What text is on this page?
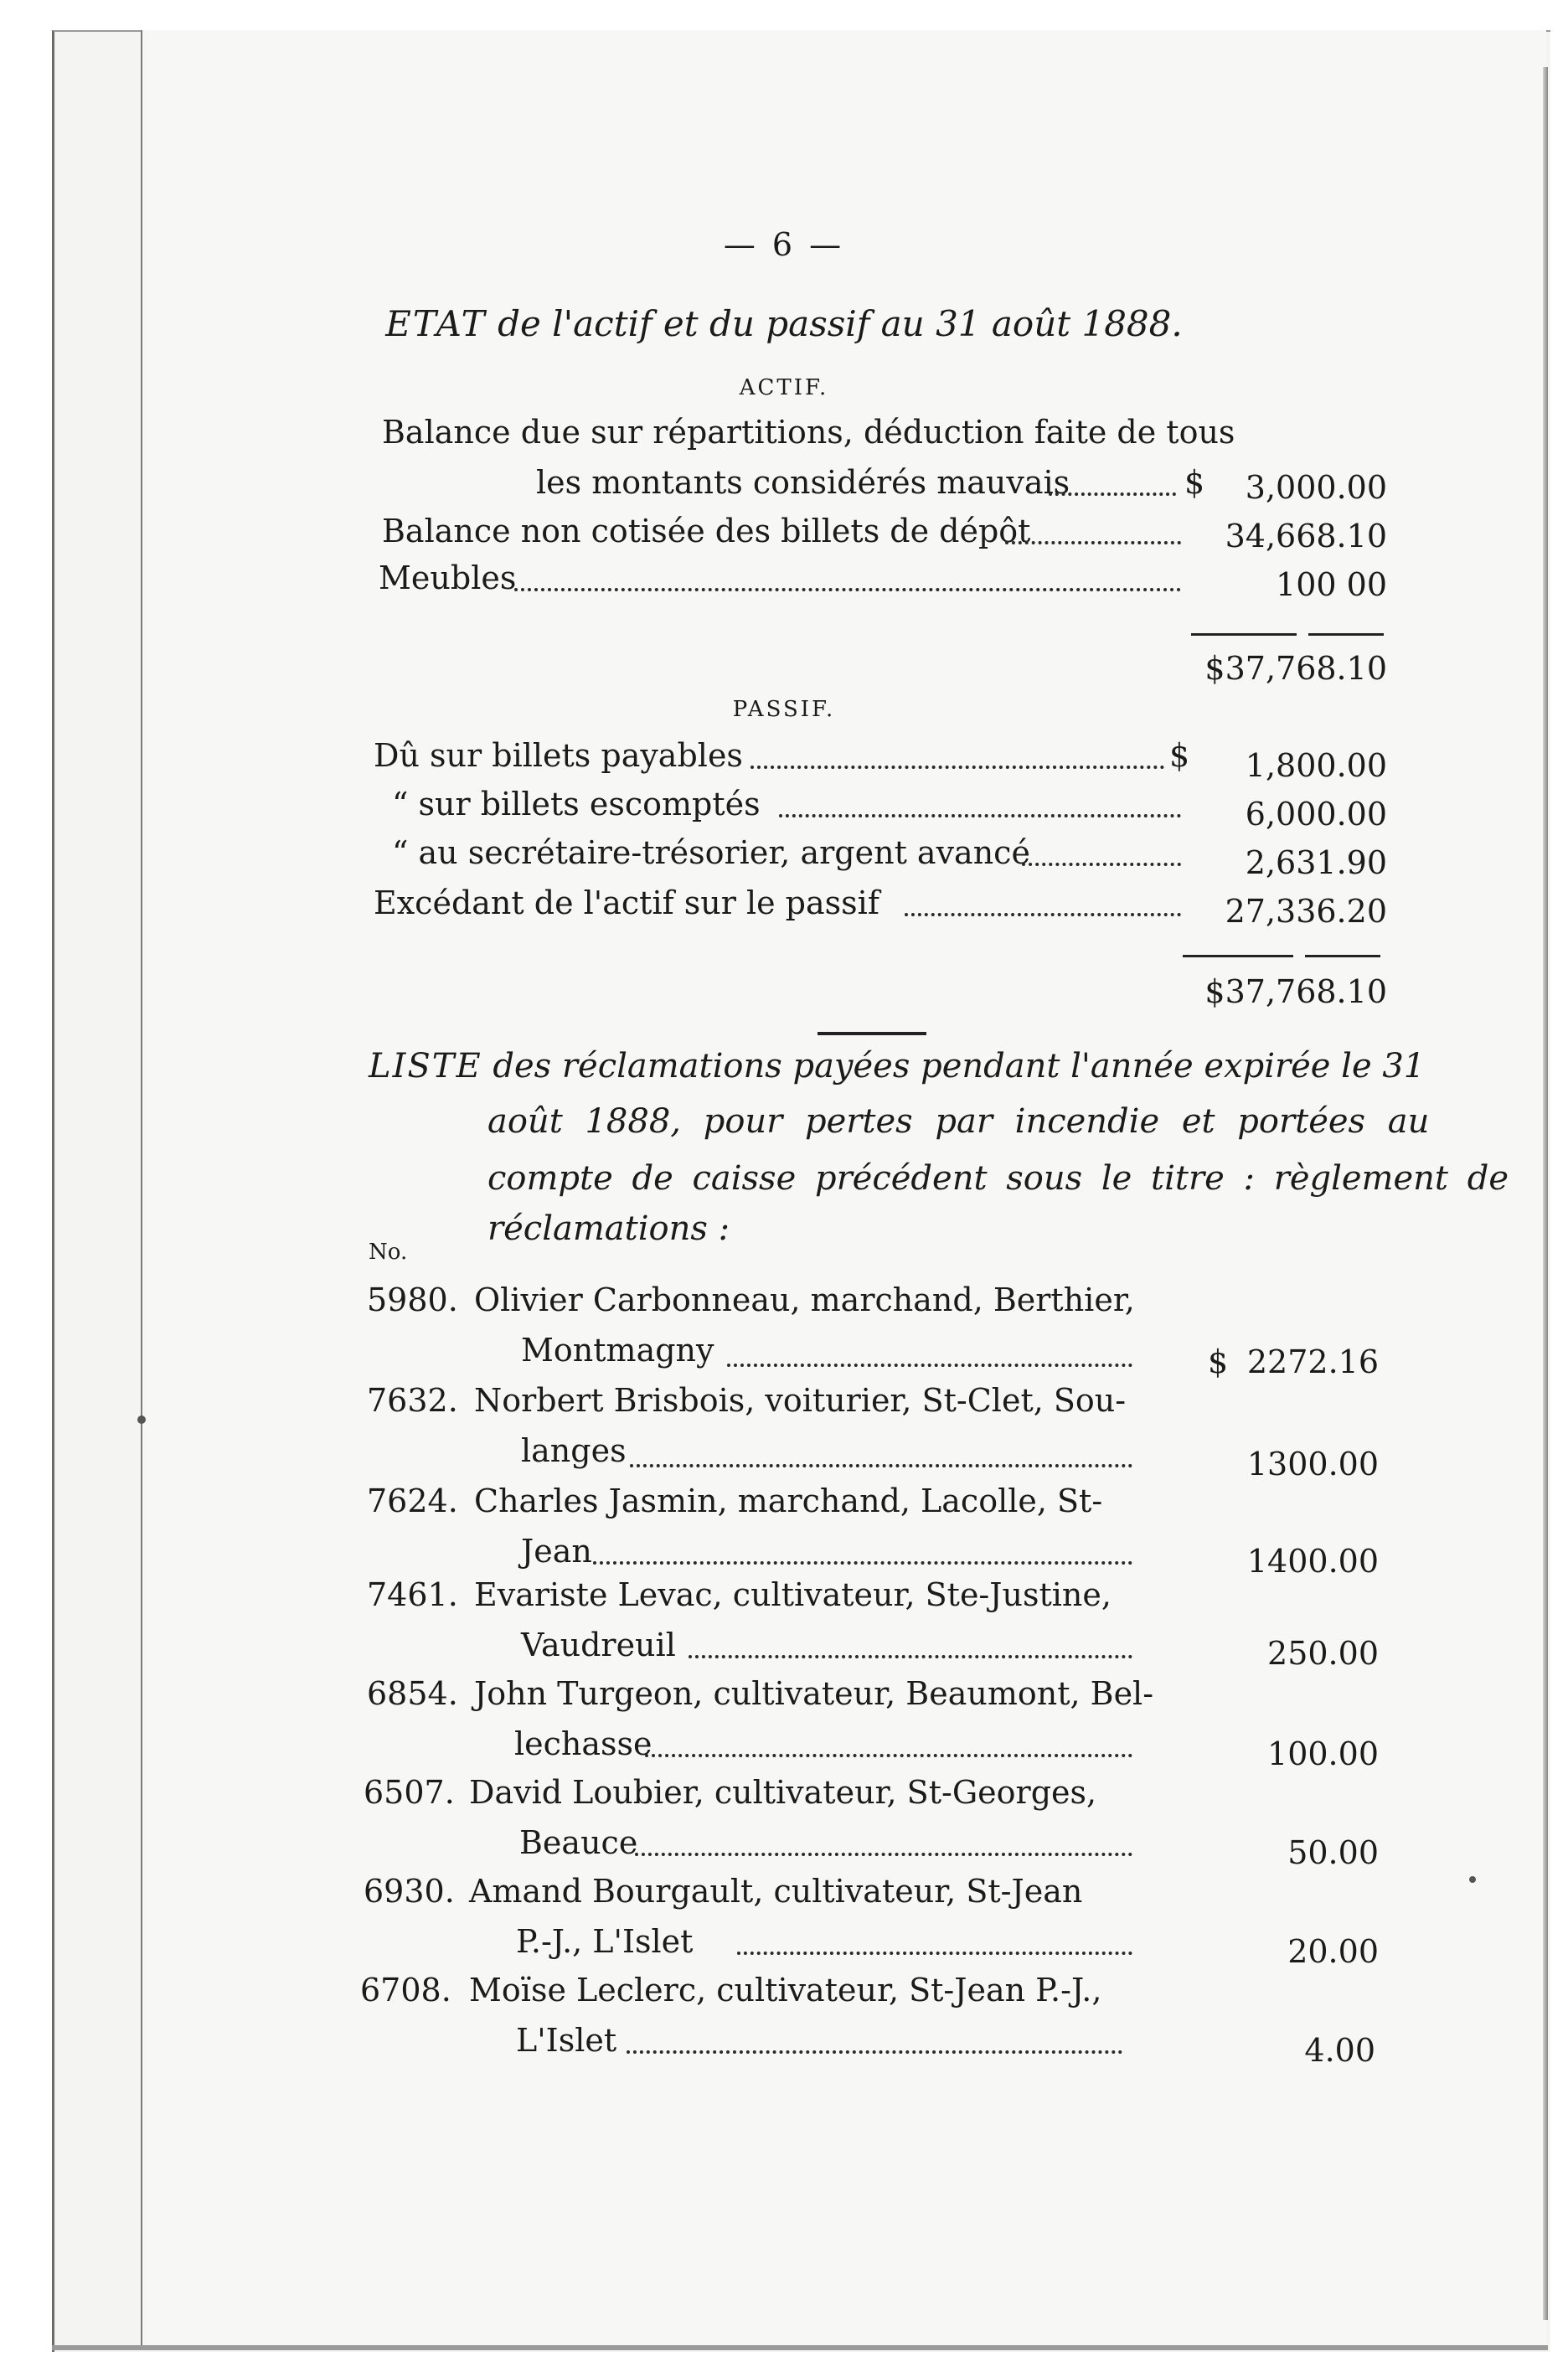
— 6 —
ETAT de l'actif et du passif au 31 août 1888.
ACTIF.
Balance due sur répartitions, déduction faite de tous
les montants considérés mauvais	$ 3,000.00
Balance non cotisée des billets de dépôt	34,668.10
Meubles	100 00
$37,768.10
PASSIF.
Dû sur billets payables	$ 1,800.00
“ sur billets escomptés	6,000.00
“ au secrétaire-trésorier, argent avancé	2,631.90
Excédant de l'actif sur le passif	27,336.20
$37,768.10
LISTE des réclamations payées pendant l'année expirée le 31
août 1888, pour pertes par incendie et portées au
compte de caisse précédent sous le titre : règlement de
réclamations :
No.
5980. Olivier Carbonneau, marchand, Berthier,
Montmagny	$ 2272.16
7632. Norbert Brisbois, voiturier, St-Clet, Sou-
langes	1300.00
7624. Charles Jasmin, marchand, Lacolle, St-
Jean	1400.00
7461. Evariste Levac, cultivateur, Ste-Justine,
Vaudreuil	250.00
6854. John Turgeon, cultivateur, Beaumont, Bel-
lechasse	100.00
6507. David Loubier, cultivateur, St-Georges,
Beauce	50.00
6930. Amand Bourgault, cultivateur, St-Jean
P.-J., L'Islet	20.00
6708. Moïse Leclerc, cultivateur, St-Jean P.-J.,
L'Islet	4.00
